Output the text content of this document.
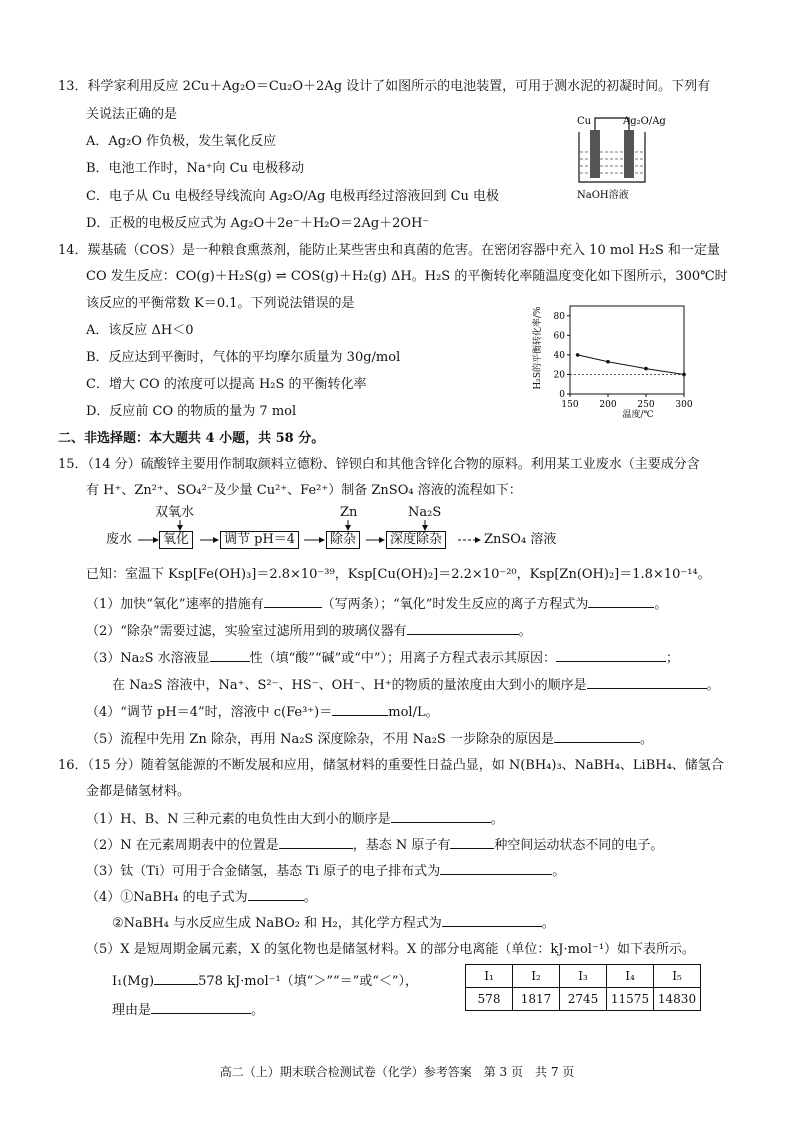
13．科学家利用反应 2Cu＋Ag₂O＝Cu₂O＋2Ag 设计了如图所示的电池装置，可用于测水泥的初凝时间。下列有
关说法正确的是
A．Ag₂O 作负极，发生氧化反应
B．电池工作时，Na⁺向 Cu 电极移动
C．电子从 Cu 电极经导线流向 Ag₂O/Ag 电极再经过溶液回到 Cu 电极
D．正极的电极反应式为 Ag₂O＋2e⁻＋H₂O＝2Ag＋2OH⁻
Cu	Ag₂O/Ag
NaOH溶液
14．羰基硫（COS）是一种粮食熏蒸剂，能防止某些害虫和真菌的危害。在密闭容器中充入 10 mol H₂S 和一定量
CO 发生反应：CO(g)＋H₂S(g) ⇌ COS(g)＋H₂(g) ΔH。H₂S 的平衡转化率随温度变化如下图所示，300℃时
该反应的平衡常数 K＝0.1。下列说法错误的是
A．该反应 ΔH＜0
B．反应达到平衡时，气体的平均摩尔质量为 30g/mol
C．增大 CO 的浓度可以提高 H₂S 的平衡转化率
D．反应前 CO 的物质的量为 7 mol
H₂S的平衡转化率/%
0
20
40
60
80
150 200 250 300
温度/℃
二、非选择题：本大题共 4 小题，共 58 分。
15．（14 分）硫酸锌主要用作制取颜料立德粉、锌钡白和其他含锌化合物的原料。利用某工业废水（主要成分含
有 H⁺、Zn²⁺、SO₄²⁻及少量 Cu²⁺、Fe²⁺）制备 ZnSO₄ 溶液的流程如下：
双氧水	Zn	Na₂S
废水	氧化	调节 pH＝4	除杂	深度除杂	ZnSO₄ 溶液
已知：室温下 Ksp[Fe(OH)₃]＝2.8×10⁻³⁹，Ksp[Cu(OH)₂]＝2.2×10⁻²⁰，Ksp[Zn(OH)₂]＝1.8×10⁻¹⁴。
（1）加快“氧化”速率的措施有	（写两条）；“氧化”时发生反应的离子方程式为	。
（2）“除杂”需要过滤，实验室过滤所用到的玻璃仪器有	。
（3）Na₂S 水溶液显	性（填“酸”“碱”或“中”）；用离子方程式表示其原因：	；
在 Na₂S 溶液中，Na⁺、S²⁻、HS⁻、OH⁻、H⁺的物质的量浓度由大到小的顺序是	。
（4）“调节 pH＝4”时，溶液中 c(Fe³⁺)＝	mol/L。
（5）流程中先用 Zn 除杂，再用 Na₂S 深度除杂，不用 Na₂S 一步除杂的原因是	。
16．（15 分）随着氢能源的不断发展和应用，储氢材料的重要性日益凸显，如 N(BH₄)₃、NaBH₄、LiBH₄、储氢合
金都是储氢材料。
（1）H、B、N 三种元素的电负性由大到小的顺序是	。
（2）N 在元素周期表中的位置是	，基态 N 原子有	种空间运动状态不同的电子。
（3）钛（Ti）可用于合金储氢，基态 Ti 原子的电子排布式为	。
（4）①NaBH₄ 的电子式为	。
②NaBH₄ 与水反应生成 NaBO₂ 和 H₂，其化学方程式为	。
（5）X 是短周期金属元素，X 的氢化物也是储氢材料。X 的部分电离能（单位：kJ·mol⁻¹）如下表所示。
I₁(Mg)	578 kJ·mol⁻¹（填“＞”“＝”或“＜”），
理由是	。
I₁	I₂	I₃	I₄	I₅
578	1817	2745	11575	14830
高二（上）期末联合检测试卷（化学）参考答案　第 3 页　共 7 页
